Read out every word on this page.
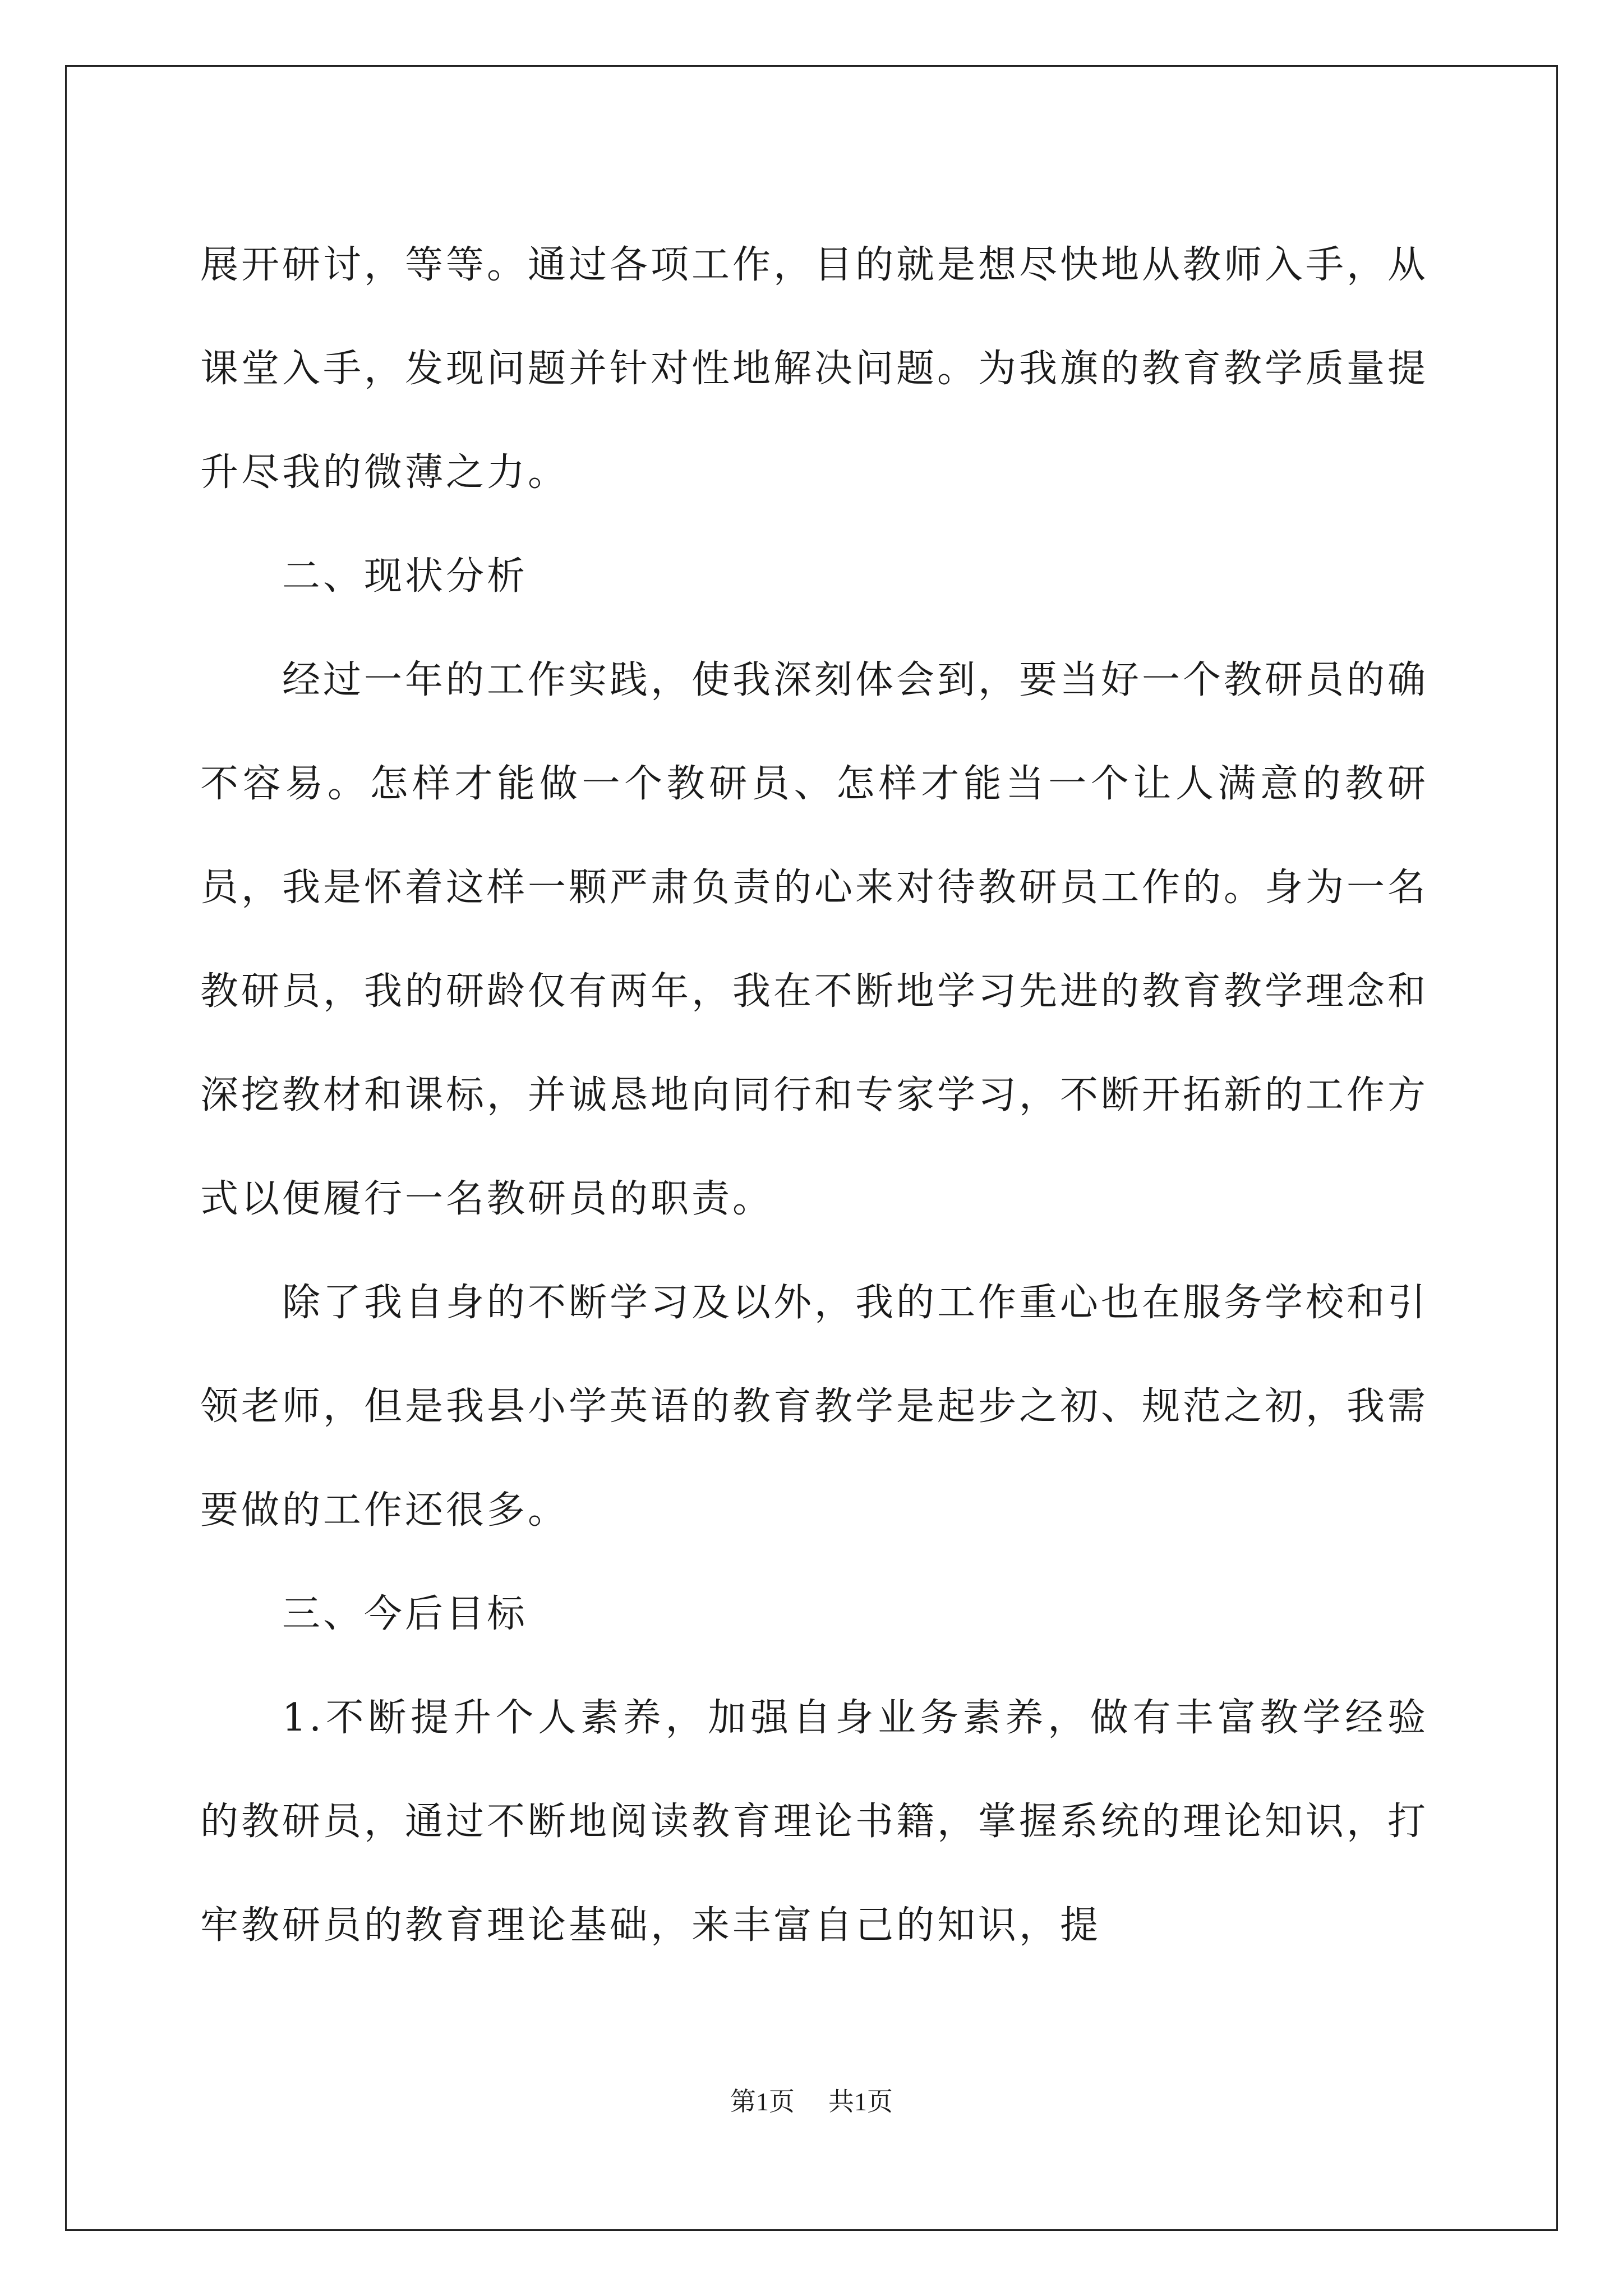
展开研讨，等等。通过各项工作，目的就是想尽快地从教师入手，从课堂入手，发现问题并针对性地解决问题。为我旗的教育教学质量提升尽我的微薄之力。

二、现状分析

经过一年的工作实践，使我深刻体会到，要当好一个教研员的确不容易。怎样才能做一个教研员、怎样才能当一个让人满意的教研员，我是怀着这样一颗严肃负责的心来对待教研员工作的。身为一名教研员，我的研龄仅有两年，我在不断地学习先进的教育教学理念和深挖教材和课标，并诚恳地向同行和专家学习，不断开拓新的工作方式以便履行一名教研员的职责。

除了我自身的不断学习及以外，我的工作重心也在服务学校和引领老师，但是我县小学英语的教育教学是起步之初、规范之初，我需要做的工作还很多。

三、今后目标

1.不断提升个人素养，加强自身业务素养，做有丰富教学经验的教研员，通过不断地阅读教育理论书籍，掌握系统的理论知识，打牢教研员的教育理论基础，来丰富自己的知识，提

第1页 共1页
